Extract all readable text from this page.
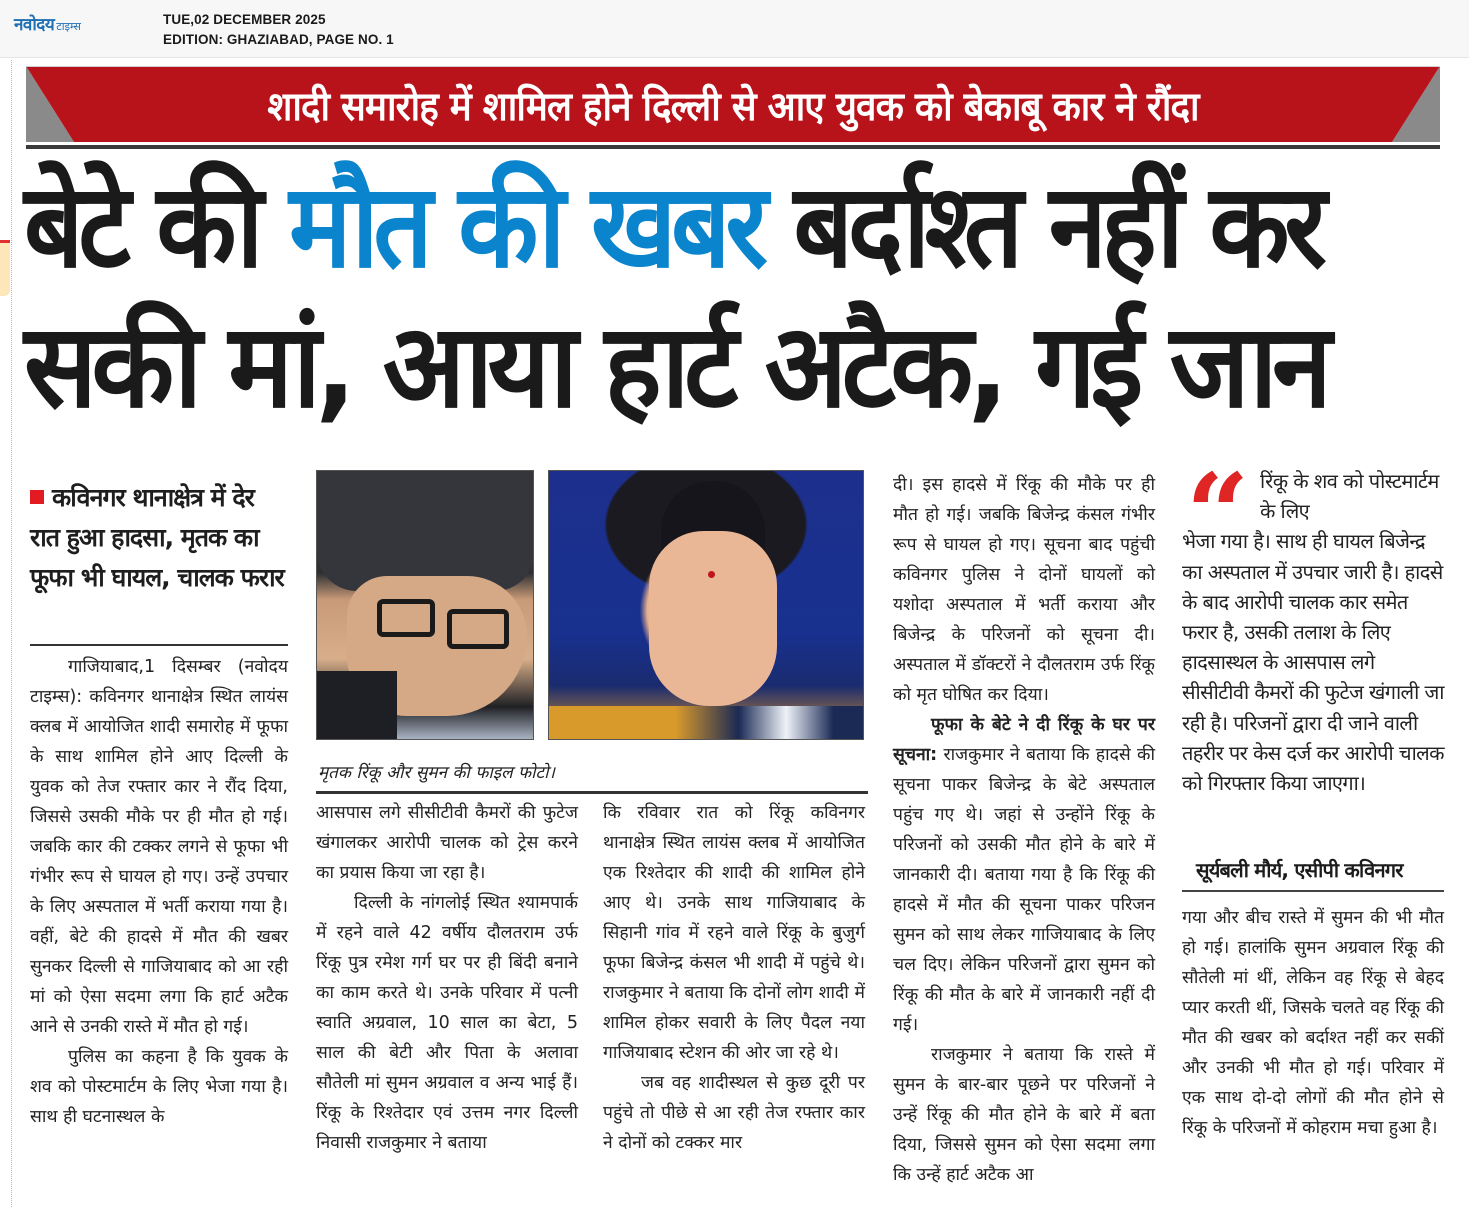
नवोदय टाइम्स	TUE,02 DECEMBER 2025
EDITION: GHAZIABAD, PAGE NO. 1
शादी समारोह में शामिल होने दिल्ली से आए युवक को बेकाबू कार ने रौंदा
बेटे की मौत की खबर बर्दाश्त नहीं कर
सकी मां, आया हार्ट अटैक, गई जान
कविनगर थानाक्षेत्र में देर रात हुआ हादसा, मृतक का फूफा भी घायल, चालक फरार

गाजियाबाद,1 दिसम्बर (नवोदय टाइम्स): कविनगर थानाक्षेत्र स्थित लायंस क्लब में आयोजित शादी समारोह में फूफा के साथ शामिल होने आए दिल्ली के युवक को तेज रफ्तार कार ने रौंद दिया, जिससे उसकी मौके पर ही मौत हो गई। जबकि कार की टक्कर लगने से फूफा भी गंभीर रूप से घायल हो गए। उन्हें उपचार के लिए अस्पताल में भर्ती कराया गया है। वहीं, बेटे की हादसे में मौत की खबर सुनकर दिल्ली से गाजियाबाद को आ रही मां को ऐसा सदमा लगा कि हार्ट अटैक आने से उनकी रास्ते में मौत हो गई।

पुलिस का कहना है कि युवक के शव को पोस्टमार्टम के लिए भेजा गया है। साथ ही घटनास्थल के

मृतक रिंकू और सुमन की फाइल फोटो।

आसपास लगे सीसीटीवी कैमरों की फुटेज खंगालकर आरोपी चालक को ट्रेस करने का प्रयास किया जा रहा है।

दिल्ली के नांगलोई स्थित श्यामपार्क में रहने वाले 42 वर्षीय दौलतराम उर्फ रिंकू पुत्र रमेश गर्ग घर पर ही बिंदी बनाने का काम करते थे। उनके परिवार में पत्नी स्वाति अग्रवाल, 10 साल का बेटा, 5 साल की बेटी और पिता के अलावा सौतेली मां सुमन अग्रवाल व अन्य भाई हैं। रिंकू के रिश्तेदार एवं उत्तम नगर दिल्ली निवासी राजकुमार ने बताया

कि रविवार रात को रिंकू कविनगर थानाक्षेत्र स्थित लायंस क्लब में आयोजित एक रिश्तेदार की शादी की शामिल होने आए थे। उनके साथ गाजियाबाद के सिहानी गांव में रहने वाले रिंकू के बुजुर्ग फूफा बिजेन्द्र कंसल भी शादी में पहुंचे थे। राजकुमार ने बताया कि दोनों लोग शादी में शामिल होकर सवारी के लिए पैदल नया गाजियाबाद स्टेशन की ओर जा रहे थे।

जब वह शादीस्थल से कुछ दूरी पर पहुंचे तो पीछे से आ रही तेज रफ्तार कार ने दोनों को टक्कर मार

दी। इस हादसे में रिंकू की मौके पर ही मौत हो गई। जबकि बिजेन्द्र कंसल गंभीर रूप से घायल हो गए। सूचना बाद पहुंची कविनगर पुलिस ने दोनों घायलों को यशोदा अस्पताल में भर्ती कराया और बिजेन्द्र के परिजनों को सूचना दी। अस्पताल में डॉक्टरों ने दौलतराम उर्फ रिंकू को मृत घोषित कर दिया।

फूफा के बेटे ने दी रिंकू के घर पर सूचना: राजकुमार ने बताया कि हादसे की सूचना पाकर बिजेन्द्र के बेटे अस्पताल पहुंच गए थे। जहां से उन्होंने रिंकू के परिजनों को उसकी मौत होने के बारे में जानकारी दी। बताया गया है कि रिंकू की हादसे में मौत की सूचना पाकर परिजन सुमन को साथ लेकर गाजियाबाद के लिए चल दिए। लेकिन परिजनों द्वारा सुमन को रिंकू की मौत के बारे में जानकारी नहीं दी गई।

राजकुमार ने बताया कि रास्ते में सुमन के बार-बार पूछने पर परिजनों ने उन्हें रिंकू की मौत होने के बारे में बता दिया, जिससे सुमन को ऐसा सदमा लगा कि उन्हें हार्ट अटैक आ

“	रिंकू के शव को पोस्टमार्टम के लिए
भेजा गया है। साथ ही घायल बिजेन्द्र का अस्पताल में उपचार जारी है। हादसे के बाद आरोपी चालक कार समेत फरार है, उसकी तलाश के लिए हादसास्थल के आसपास लगे सीसीटीवी कैमरों की फुटेज खंगाली जा रही है। परिजनों द्वारा दी जाने वाली तहरीर पर केस दर्ज कर आरोपी चालक को गिरफ्तार किया जाएगा।
सूर्यबली मौर्य, एसीपी कविनगर

गया और बीच रास्ते में सुमन की भी मौत हो गई। हालांकि सुमन अग्रवाल रिंकू की सौतेली मां थीं, लेकिन वह रिंकू से बेहद प्यार करती थीं, जिसके चलते वह रिंकू की मौत की खबर को बर्दाश्त नहीं कर सकीं और उनकी भी मौत हो गई। परिवार में एक साथ दो-दो लोगों की मौत होने से रिंकू के परिजनों में कोहराम मचा हुआ है।
